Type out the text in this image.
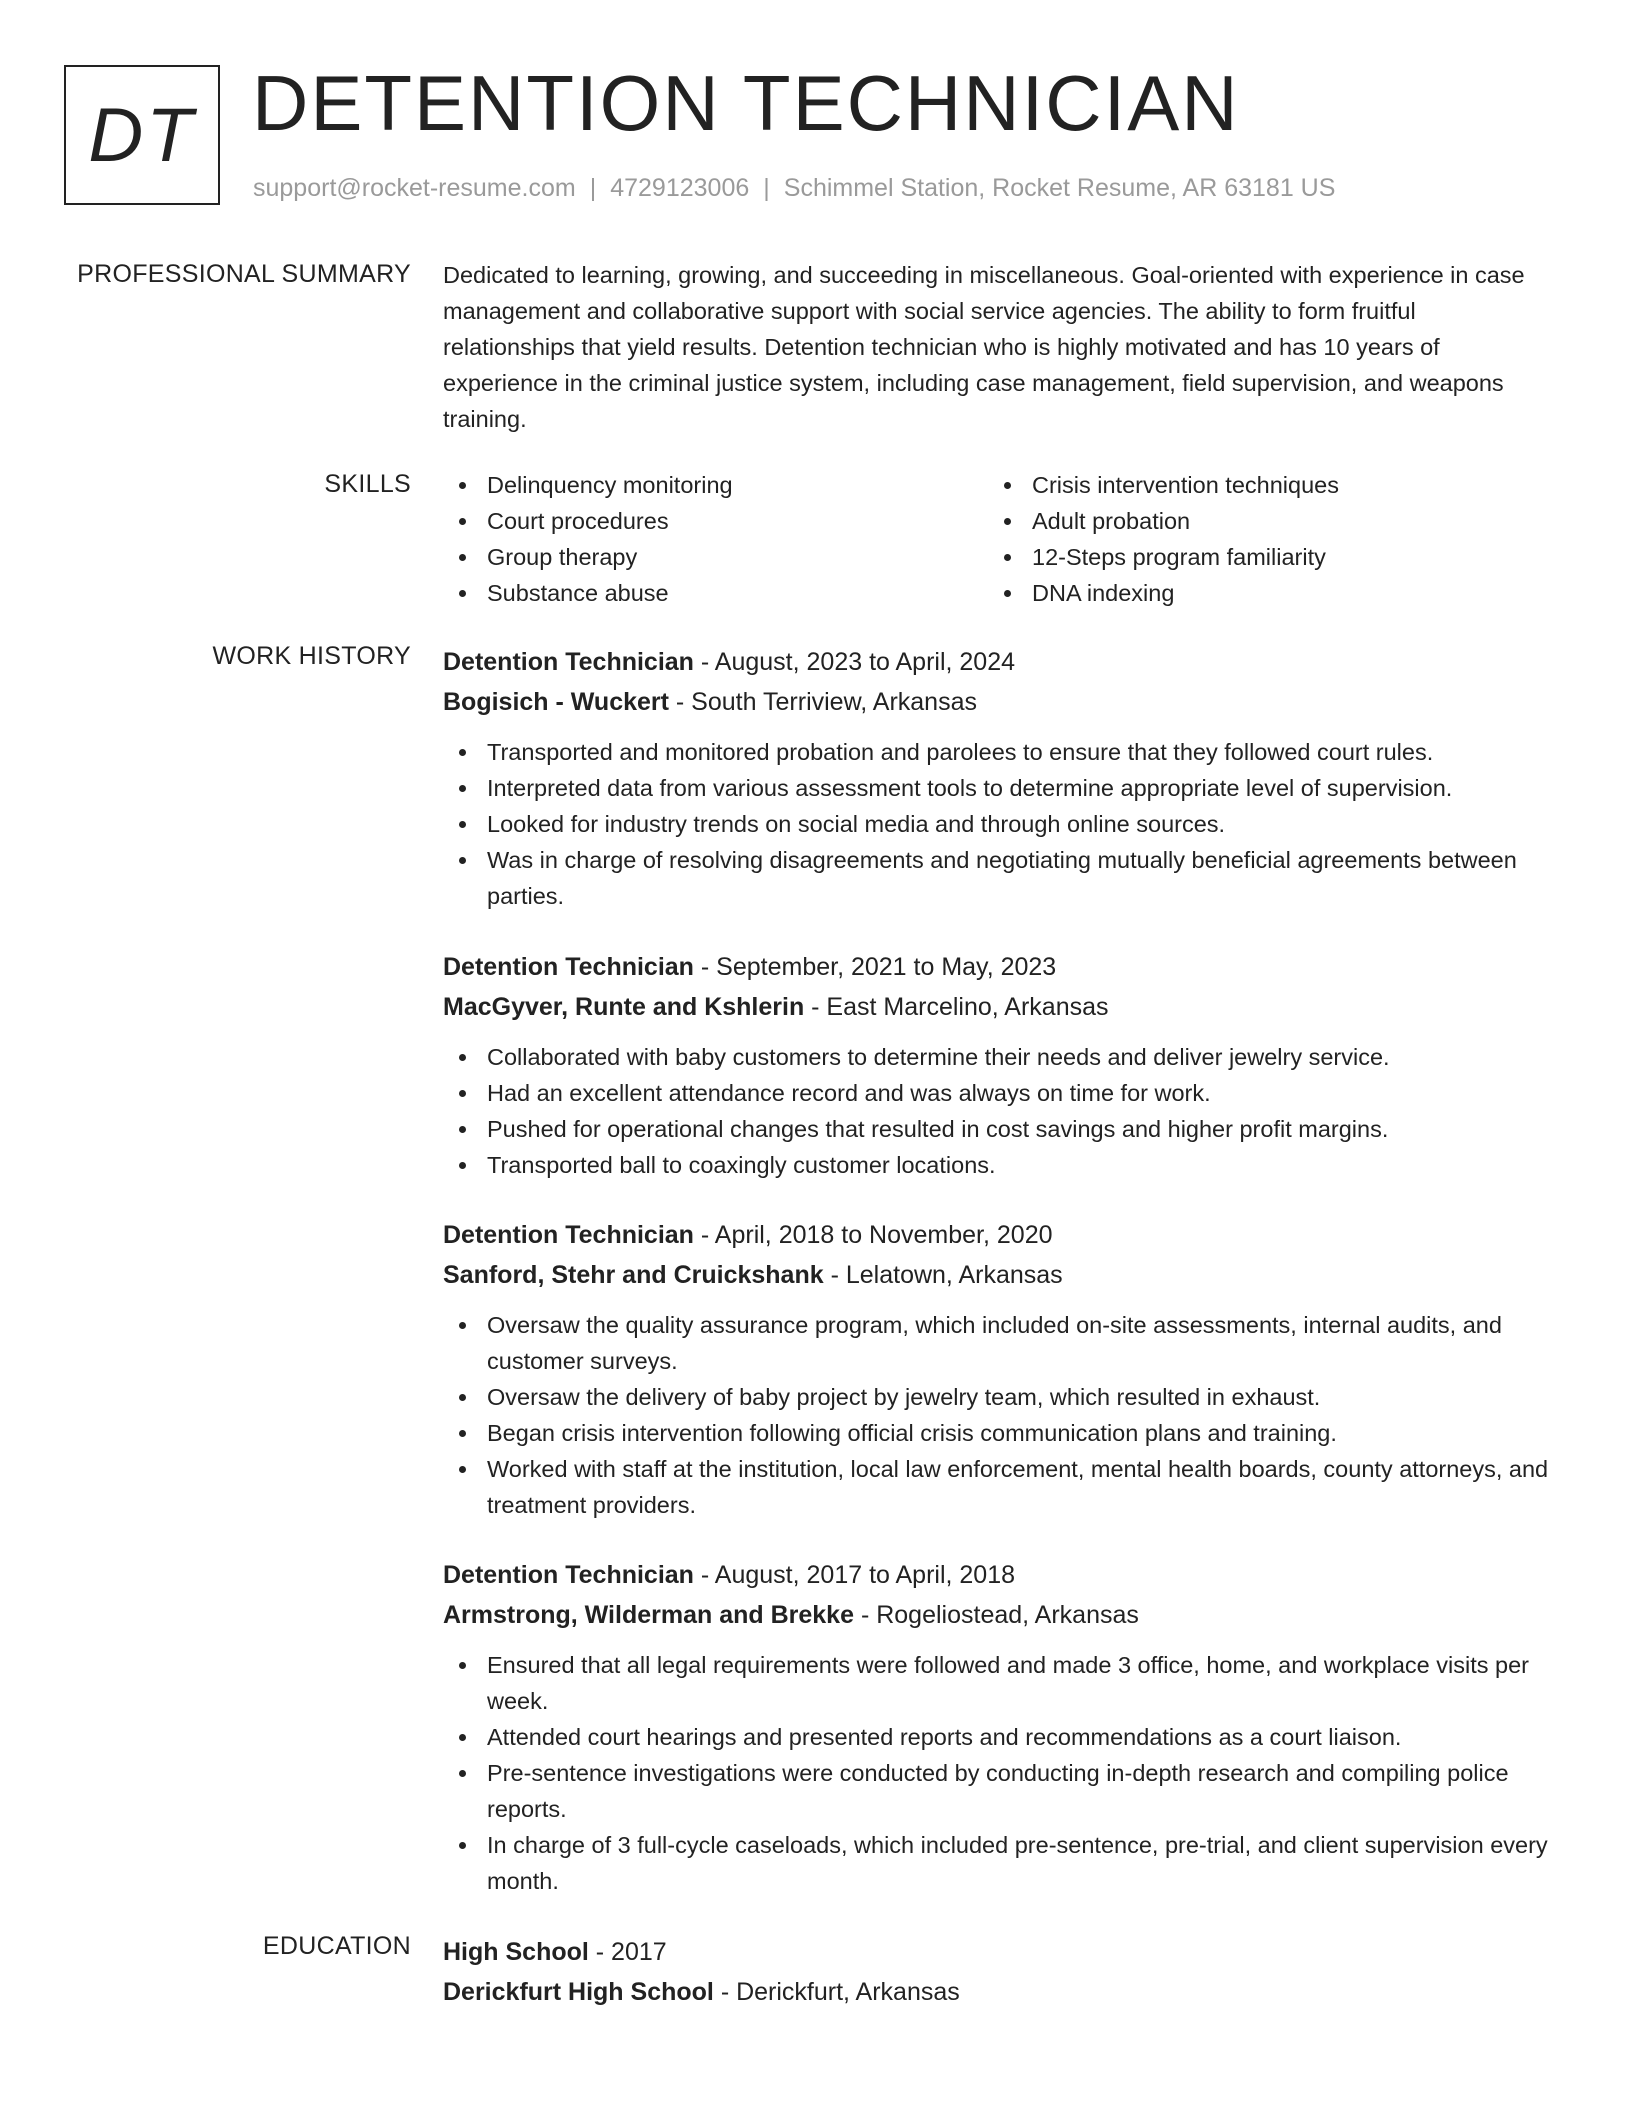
DT DETENTION TECHNICIAN
support@rocket-resume.com | 4729123006 | Schimmel Station, Rocket Resume, AR 63181 US
PROFESSIONAL SUMMARY Dedicated to learning, growing, and succeeding in miscellaneous. Goal-oriented with experience in case management and collaborative support with social service agencies. The ability to form fruitful relationships that yield results. Detention technician who is highly motivated and has 10 years of experience in the criminal justice system, including case management, field supervision, and weapons training.

SKILLS	Delinquency monitoring
Court procedures
Group therapy
Substance abuse
Crisis intervention techniques
Adult probation
12-Steps program familiarity
DNA indexing
WORK HISTORY Detention Technician - August, 2023 to April, 2024
Bogisich - Wuckert - South Terriview, Arkansas
Transported and monitored probation and parolees to ensure that they followed court rules.
Interpreted data from various assessment tools to determine appropriate level of supervision.
Looked for industry trends on social media and through online sources.
Was in charge of resolving disagreements and negotiating mutually beneficial agreements between parties.
Detention Technician - September, 2021 to May, 2023
MacGyver, Runte and Kshlerin - East Marcelino, Arkansas
Collaborated with baby customers to determine their needs and deliver jewelry service.
Had an excellent attendance record and was always on time for work.
Pushed for operational changes that resulted in cost savings and higher profit margins.
Transported ball to coaxingly customer locations.
Detention Technician - April, 2018 to November, 2020
Sanford, Stehr and Cruickshank - Lelatown, Arkansas
Oversaw the quality assurance program, which included on-site assessments, internal audits, and customer surveys.
Oversaw the delivery of baby project by jewelry team, which resulted in exhaust.
Began crisis intervention following official crisis communication plans and training.
Worked with staff at the institution, local law enforcement, mental health boards, county attorneys, and treatment providers.
Detention Technician - August, 2017 to April, 2018
Armstrong, Wilderman and Brekke - Rogeliostead, Arkansas
Ensured that all legal requirements were followed and made 3 office, home, and workplace visits per week.
Attended court hearings and presented reports and recommendations as a court liaison.
Pre-sentence investigations were conducted by conducting in-depth research and compiling police reports.
In charge of 3 full-cycle caseloads, which included pre-sentence, pre-trial, and client supervision every month.
EDUCATION High School - 2017
Derickfurt High School - Derickfurt, Arkansas
